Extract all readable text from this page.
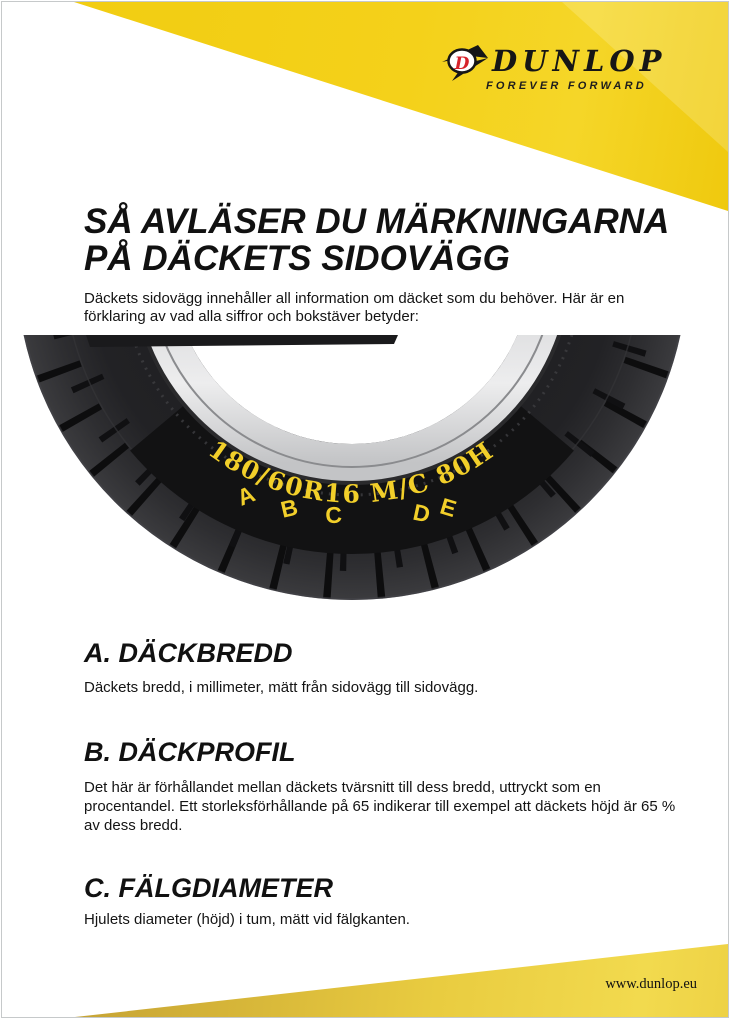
D DUNLOP
FOREVER FORWARD
SÅ AVLÄSER DU MÄRKNINGARNA
PÅ DÄCKETS SIDOVÄGG

Däckets sidovägg innehåller all information om däcket som du behöver. Här är en förklaring av vad alla siffror och bokstäver betyder:

180/60R16 M/C 80H
A B C	D E
A. DÄCKBREDD

Däckets bredd, i millimeter, mätt från sidovägg till sidovägg.

B. DÄCKPROFIL

Det här är förhållandet mellan däckets tvärsnitt till dess bredd, uttryckt som en procentandel. Ett storleksförhållande på 65 indikerar till exempel att däckets höjd är 65 % av dess bredd.

C. FÄLGDIAMETER

Hjulets diameter (höjd) i tum, mätt vid fälgkanten.

www.dunlop.eu
